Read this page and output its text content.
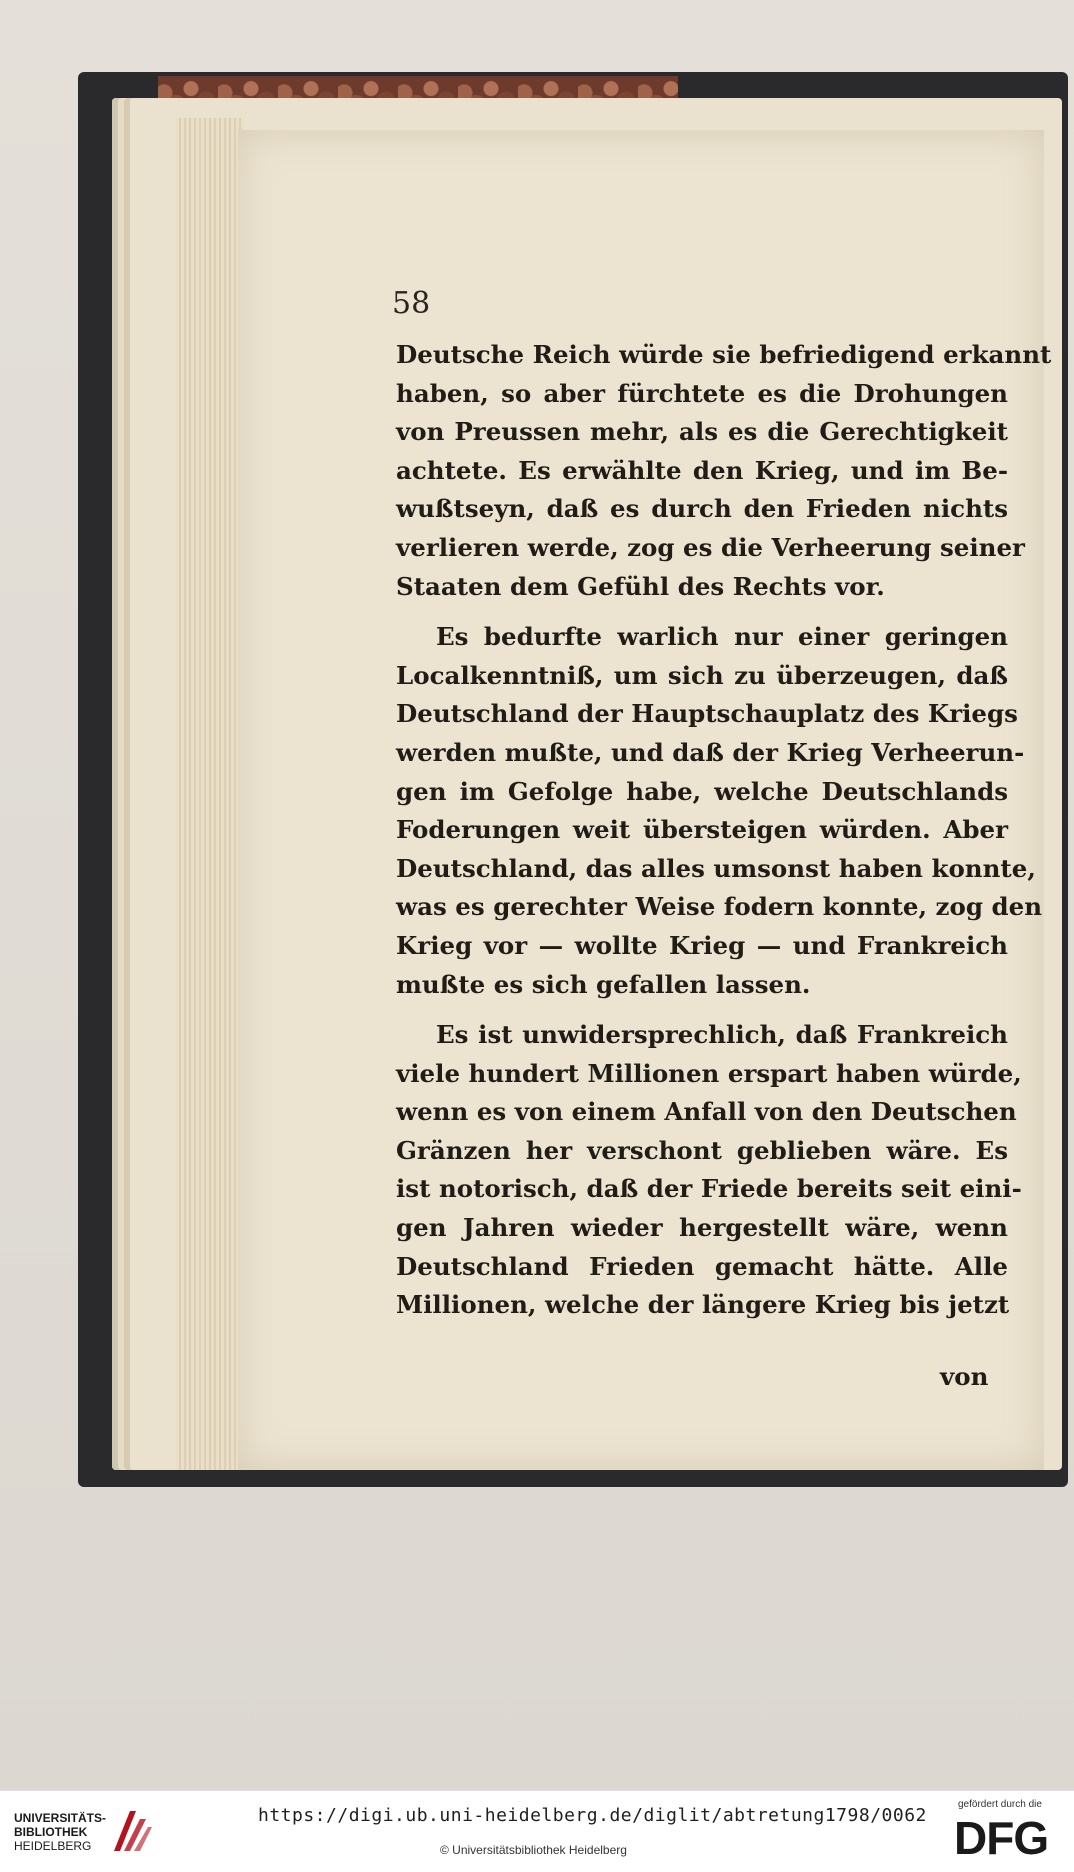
58
Deutsche Reich würde sie befriedigend erkannt
haben, so aber fürchtete es die Drohungen
von Preussen mehr, als es die Gerechtigkeit
achtete. Es erwählte den Krieg, und im Be-
wußtseyn, daß es durch den Frieden nichts
verlieren werde, zog es die Verheerung seiner
Staaten dem Gefühl des Rechts vor.
Es bedurfte warlich nur einer geringen
Localkenntniß, um sich zu überzeugen, daß
Deutschland der Hauptschauplatz des Kriegs
werden mußte, und daß der Krieg Verheerun-
gen im Gefolge habe, welche Deutschlands
Foderungen weit übersteigen würden. Aber
Deutschland, das alles umsonst haben konnte,
was es gerechter Weise fodern konnte, zog den
Krieg vor — wollte Krieg — und Frankreich
mußte es sich gefallen lassen.
Es ist unwidersprechlich, daß Frankreich
viele hundert Millionen erspart haben würde,
wenn es von einem Anfall von den Deutschen
Gränzen her verschont geblieben wäre. Es
ist notorisch, daß der Friede bereits seit eini-
gen Jahren wieder hergestellt wäre, wenn
Deutschland Frieden gemacht hätte. Alle
Millionen, welche der längere Krieg bis jetzt
von
UNIVERSITÄTS-
BIBLIOTHEK
HEIDELBERG
https://digi.ub.uni-heidelberg.de/diglit/abtretung1798/0062
© Universitätsbibliothek Heidelberg
gefördert durch die
DFG
